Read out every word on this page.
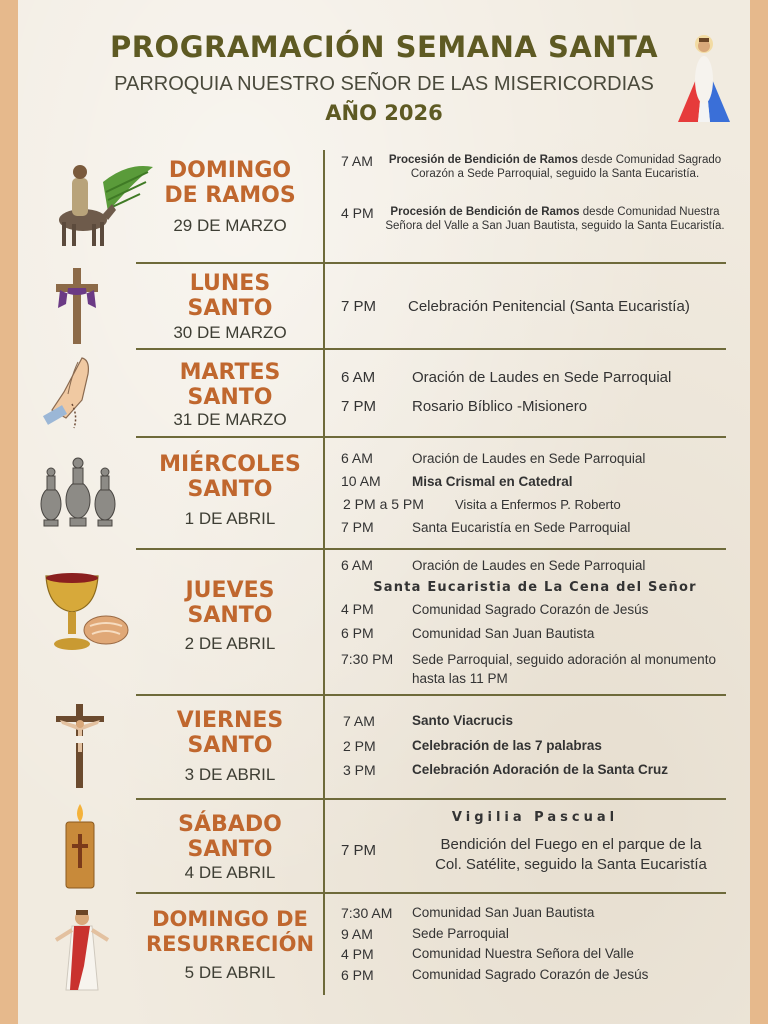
PROGRAMACIÓN SEMANA SANTA
PARROQUIA NUESTRO SEÑOR DE LAS MISERICORDIAS
AÑO 2026
DOMINGO
DE RAMOS
29 DE MARZO
7 AM	Procesión de Bendición de Ramos desde Comunidad Sagrado Corazón a Sede Parroquial, seguido la Santa Eucaristía.
4 PM	Procesión de Bendición de Ramos desde Comunidad Nuestra Señora del Valle a San Juan Bautista, seguido la Santa Eucaristía.
LUNES
SANTO
30 DE MARZO
7 PM Celebración Penitencial (Santa Eucaristía)
MARTES
SANTO
31 DE MARZO
6 AM Oración de Laudes en Sede Parroquial
7 PM Rosario Bíblico -Misionero
MIÉRCOLES
SANTO
1 DE ABRIL
6 AM	Oración de Laudes en Sede Parroquial
10 AM Misa Crismal en Catedral
2 PM a 5 PM Visita a Enfermos P. Roberto
7 PM	Santa Eucaristía en Sede Parroquial
JUEVES
SANTO
2 DE ABRIL
6 AM	Oración de Laudes en Sede Parroquial
Santa Eucaristia de La Cena del Señor
4 PM	Comunidad Sagrado Corazón de Jesús
6 PM	Comunidad San Juan Bautista
7:30 PM Sede Parroquial, seguido adoración al monumento
hasta las 11 PM
VIERNES
SANTO
3 DE ABRIL
7 AM	Santo Viacrucis
2 PM	Celebración de las 7 palabras
3 PM	Celebración Adoración de la Santa Cruz
SÁBADO
SANTO
4 DE ABRIL
Vigilia Pascual
7 PM	Bendición del Fuego en el parque de la
Col. Satélite, seguido la Santa Eucaristía
DOMINGO DE
RESURRECIÓN
5 DE ABRIL
7:30 AM Comunidad San Juan Bautista
9 AM	Sede Parroquial
4 PM	Comunidad Nuestra Señora del Valle
6 PM	Comunidad Sagrado Corazón de Jesús
